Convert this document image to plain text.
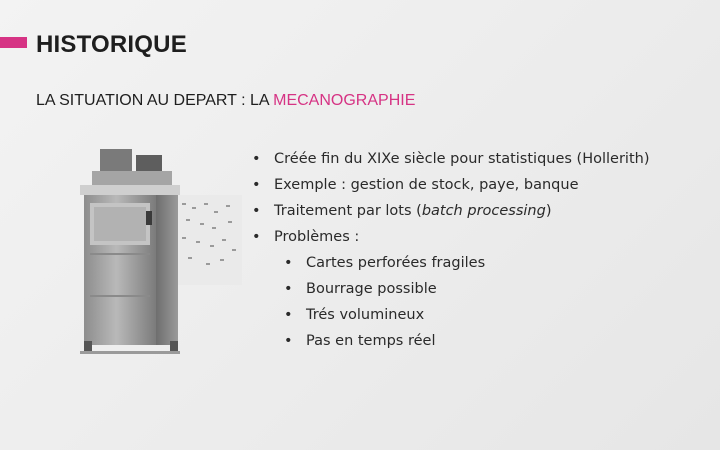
HISTORIQUE

LA SITUATION AU DEPART : LA MECANOGRAPHIE

• Créée fin du XIXe siècle pour statistiques (Hollerith)
• Exemple : gestion de stock, paye, banque
• Traitement par lots (batch processing)
• Problèmes :
• Cartes perforées fragiles
• Bourrage possible
• Trés volumineux
• Pas en temps réel
